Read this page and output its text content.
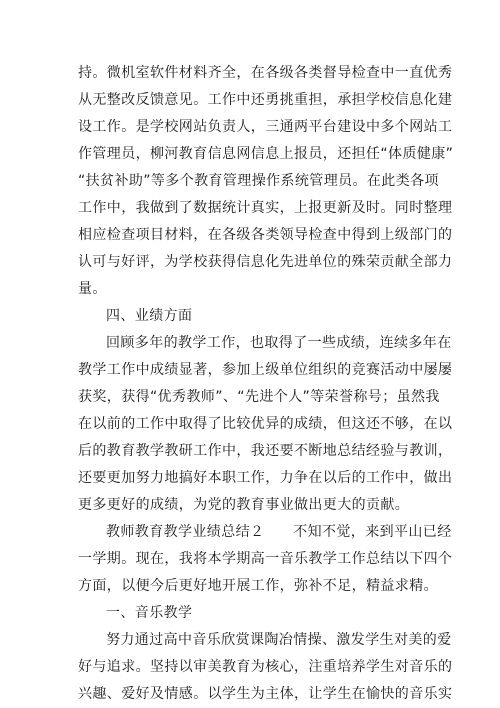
持。微机室软件材料齐全，在各级各类督导检查中一直优秀

从无整改反馈意见。工作中还勇挑重担，承担学校信息化建

设工作。是学校网站负责人，三通两平台建设中多个网站工

作管理员，柳河教育信息网信息上报员，还担任“体质健康”

“扶贫补助”等多个教育管理操作系统管理员。在此类各项

工作中，我做到了数据统计真实，上报更新及时。同时整理

相应检查项目材料，在各级各类领导检查中得到上级部门的

认可与好评，为学校获得信息化先进单位的殊荣贡献全部力

量。

四、业绩方面

回顾多年的教学工作，也取得了一些成绩，连续多年在

教学工作中成绩显著，参加上级单位组织的竞赛活动中屡屡

获奖，获得“优秀教师”、“先进个人”等荣誉称号；虽然我

在以前的工作中取得了比较优异的成绩，但这还不够，在以

后的教育教学教研工作中，我还要不断地总结经验与教训，

还要更加努力地搞好本职工作，力争在以后的工作中，做出

更多更好的成绩，为党的教育事业做出更大的贡献。

教师教育教学业绩总结２　　不知不觉，来到平山已经

一学期。现在，我将本学期高一音乐教学工作总结以下四个

方面，以便今后更好地开展工作，弥补不足，精益求精。

一、音乐教学

努力通过高中音乐欣赏课陶冶情操、激发学生对美的爱

好与追求。坚持以审美教育为核心，注重培养学生对音乐的

兴趣、爱好及情感。以学生为主体，让学生在愉快的音乐实
